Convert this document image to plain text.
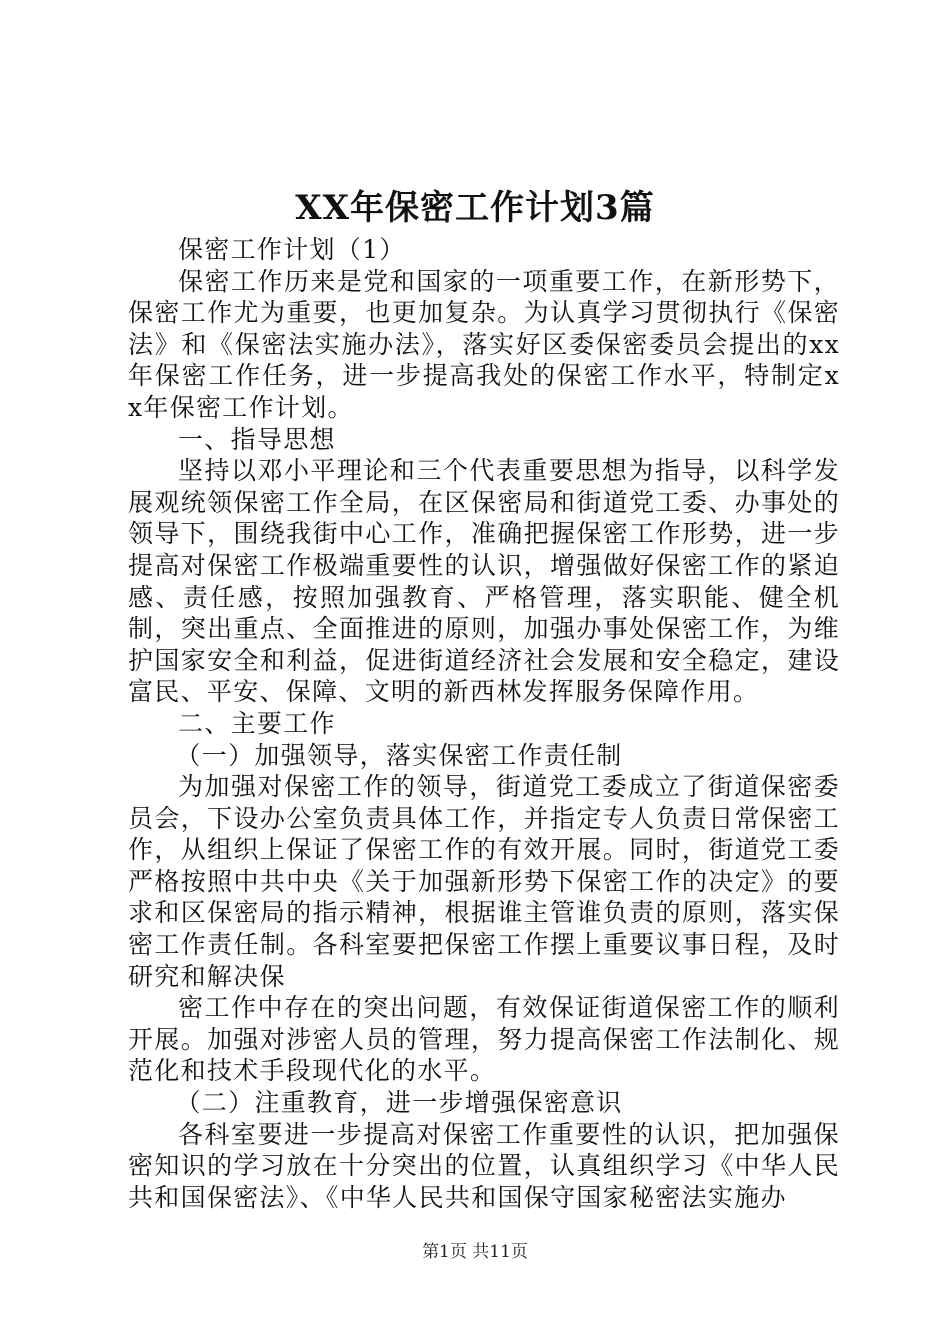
XX年保密工作计划3篇

保密工作计划（1）

保密工作历来是党和国家的一项重要工作，在新形势下，保密工作尤为重要，也更加复杂。为认真学习贯彻执行《保密法》和《保密法实施办法》，落实好区委保密委员会提出的xx年保密工作任务，进一步提高我处的保密工作水平，特制定xx年保密工作计划。

一、指导思想

坚持以邓小平理论和三个代表重要思想为指导，以科学发展观统领保密工作全局，在区保密局和街道党工委、办事处的领导下，围绕我街中心工作，准确把握保密工作形势，进一步提高对保密工作极端重要性的认识，增强做好保密工作的紧迫感、责任感，按照加强教育、严格管理，落实职能、健全机制，突出重点、全面推进的原则，加强办事处保密工作，为维护国家安全和利益，促进街道经济社会发展和安全稳定，建设富民、平安、保障、文明的新西林发挥服务保障作用。

二、主要工作

（一）加强领导，落实保密工作责任制

为加强对保密工作的领导，街道党工委成立了街道保密委员会，下设办公室负责具体工作，并指定专人负责日常保密工作，从组织上保证了保密工作的有效开展。同时，街道党工委严格按照中共中央《关于加强新形势下保密工作的决定》的要求和区保密局的指示精神，根据谁主管谁负责的原则，落实保密工作责任制。各科室要把保密工作摆上重要议事日程，及时研究和解决保

密工作中存在的突出问题，有效保证街道保密工作的顺利开展。加强对涉密人员的管理，努力提高保密工作法制化、规范化和技术手段现代化的水平。

（二）注重教育，进一步增强保密意识

各科室要进一步提高对保密工作重要性的认识，把加强保密知识的学习放在十分突出的位置，认真组织学习《中华人民共和国保密法》、《中华人民共和国保守国家秘密法实施办

第1页 共11页
